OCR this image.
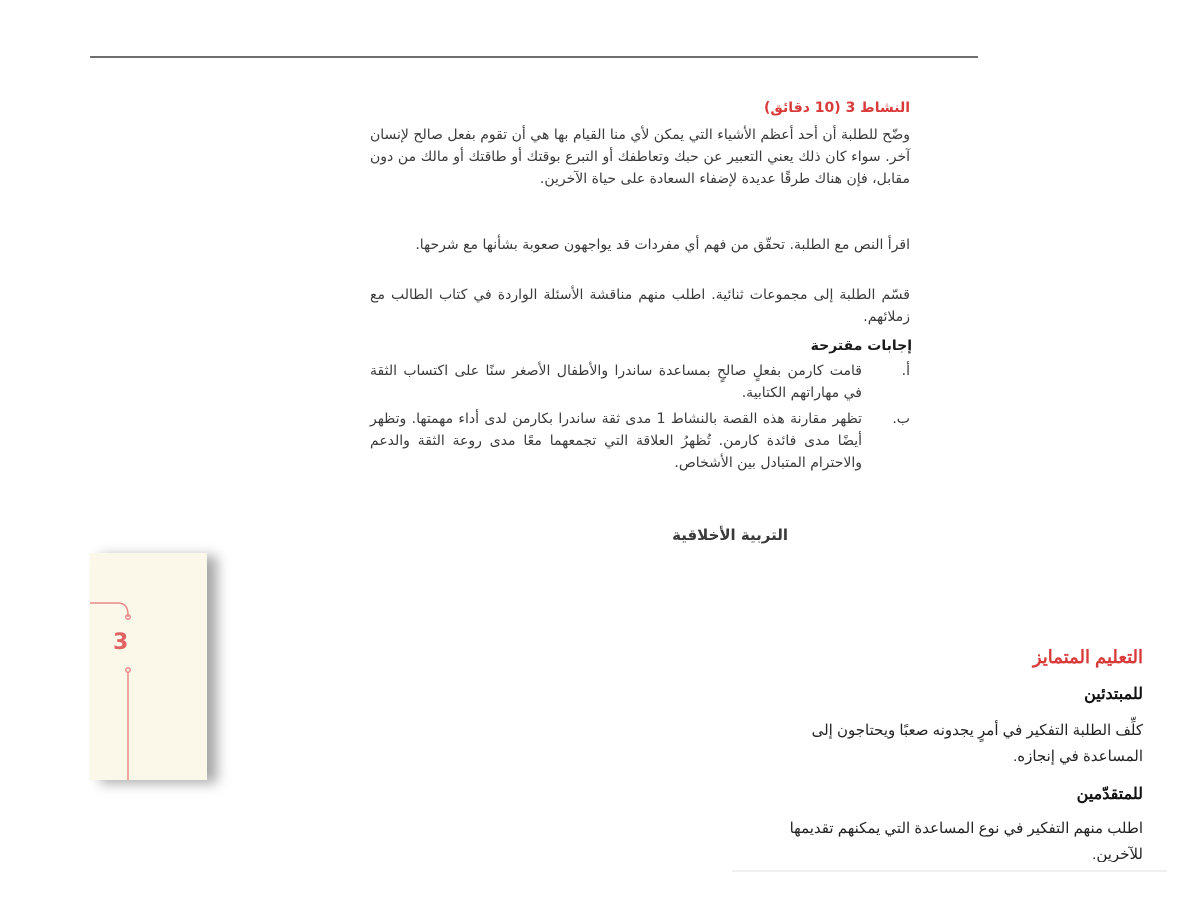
النشاط 3 (10 دقائق)
وضّح للطلبة أن أحد أعظم الأشياء التي يمكن لأي منا القيام بها هي أن تقوم بفعل صالح لإنسان آخر. سواء كان ذلك يعني التعبير عن حبك وتعاطفك أو التبرع بوقتك أو طاقتك أو مالك من دون مقابل، فإن هناك طرقًا عديدة لإضفاء السعادة على حياة الآخرين.
اقرأ النص مع الطلبة. تحقّق من فهم أي مفردات قد يواجهون صعوبة بشأنها مع شرحها.
قسّم الطلبة إلى مجموعات ثنائية. اطلب منهم مناقشة الأسئلة الواردة في كتاب الطالب مع زملائهم.
إجابات مقترحة
أ.
قامت كارمن بفعلٍ صالحٍ بمساعدة ساندرا والأطفال الأصغر سنًا على اكتساب الثقة في مهاراتهم الكتابية.
ب.
تظهر مقارنة هذه القصة بالنشاط 1 مدى ثقة ساندرا بكارمن لدى أداء مهمتها. وتظهر أيضًا مدى فائدة كارمن. تُظهرُ العلاقة التي تجمعهما معًا مدى روعة الثقة والدعم والاحترام المتبادل بين الأشخاص.
التربية الأخلاقية
3
التعليم المتمايز
للمبتدئين
كلِّف الطلبة التفكير في أمرٍ يجدونه صعبًا ويحتاجون إلى المساعدة في إنجازه.
للمتقدّمين
اطلب منهم التفكير في نوع المساعدة التي يمكنهم تقديمها للآخرين.
